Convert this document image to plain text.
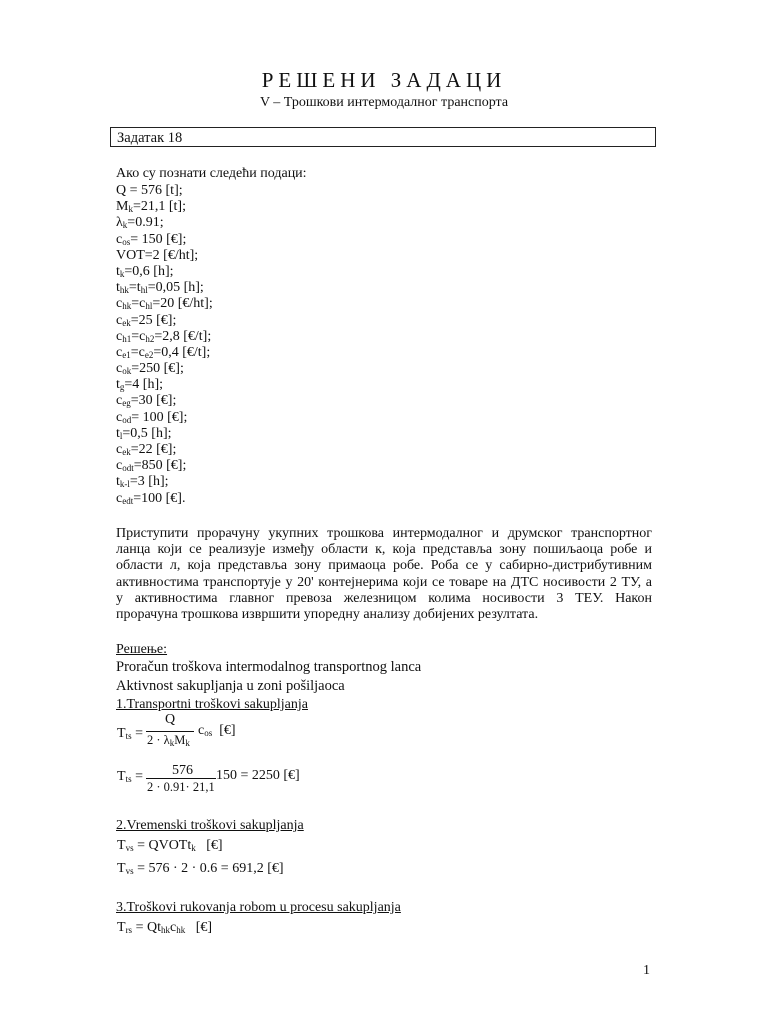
РЕШЕНИ ЗАДАЦИ
V – Трошкови интермодалног транспорта
Задатак 18
Ако су познати следећи подаци:
Q = 576 [t];
$M_k=21,1$ [t];
$\lambda_k=0.91$;
$c_{os}= 150$ [€];
VOT=2 [€/ht];
$t_k=0,6$ [h];
$t_{hk}=t_{hl}=0,05$ [h];
$c_{hk}=c_{hl}=20$ [€/ht];
$c_{ek}=25$ [€];
$c_{h1}=c_{h2}=2,8$ [€/t];
$c_{e1}=c_{e2}=0,4$ [€/t];
$c_{ok}=250$ [€];
$t_g=4$ [h];
$c_{eg}=30$ [€];
$c_{od}= 100$ [€];
$t_l=0,5$ [h];
$c_{ek}=22$ [€];
$c_{odt}=850$ [€];
$t_{k-l}=3$ [h];
$c_{edt}=100$ [€].
Приступити прорачуну укупних трошкова интермодалног и друмског транспортног
ланца који се реализује између области к, која представља зону пошиљаоца робе и
области л, која представља зону примаоца робе. Роба се у сабирно-дистрибутивним
активностима транспортује у 20' контејнерима који се товаре на ДТС носивости 2 ТУ, а
у активностима главног превоза железницом колима носивости 3 ТЕУ. Након
прорачуна трошкова извршити упоредну анализу добијених резултата.
Решење:
Proračun troškova intermodalnog transportnog lanca
Aktivnost sakupljanja u zoni pošiljaoca
1.Transportni troškovi sakupljanja
Q
$T_{ts} = 2 \cdot \lambda_kM_k$
$c_{os}$ [€]
576
$T_{ts}$ =
2 · 0.91· 21,1
150 = 2250 [€]
2.Vremenski troškovi sakupljanja
$T_{vs}$ = QVOTt$_k$ [€]
$T_{vs} = 576 \cdot 2 \cdot 0.6 = 691,2$ [€]
3.Troškovi rukovanja robom u procesu sakupljanja
$T_{rs} = Qt_{hk}c_{hk}$ [€]
1
